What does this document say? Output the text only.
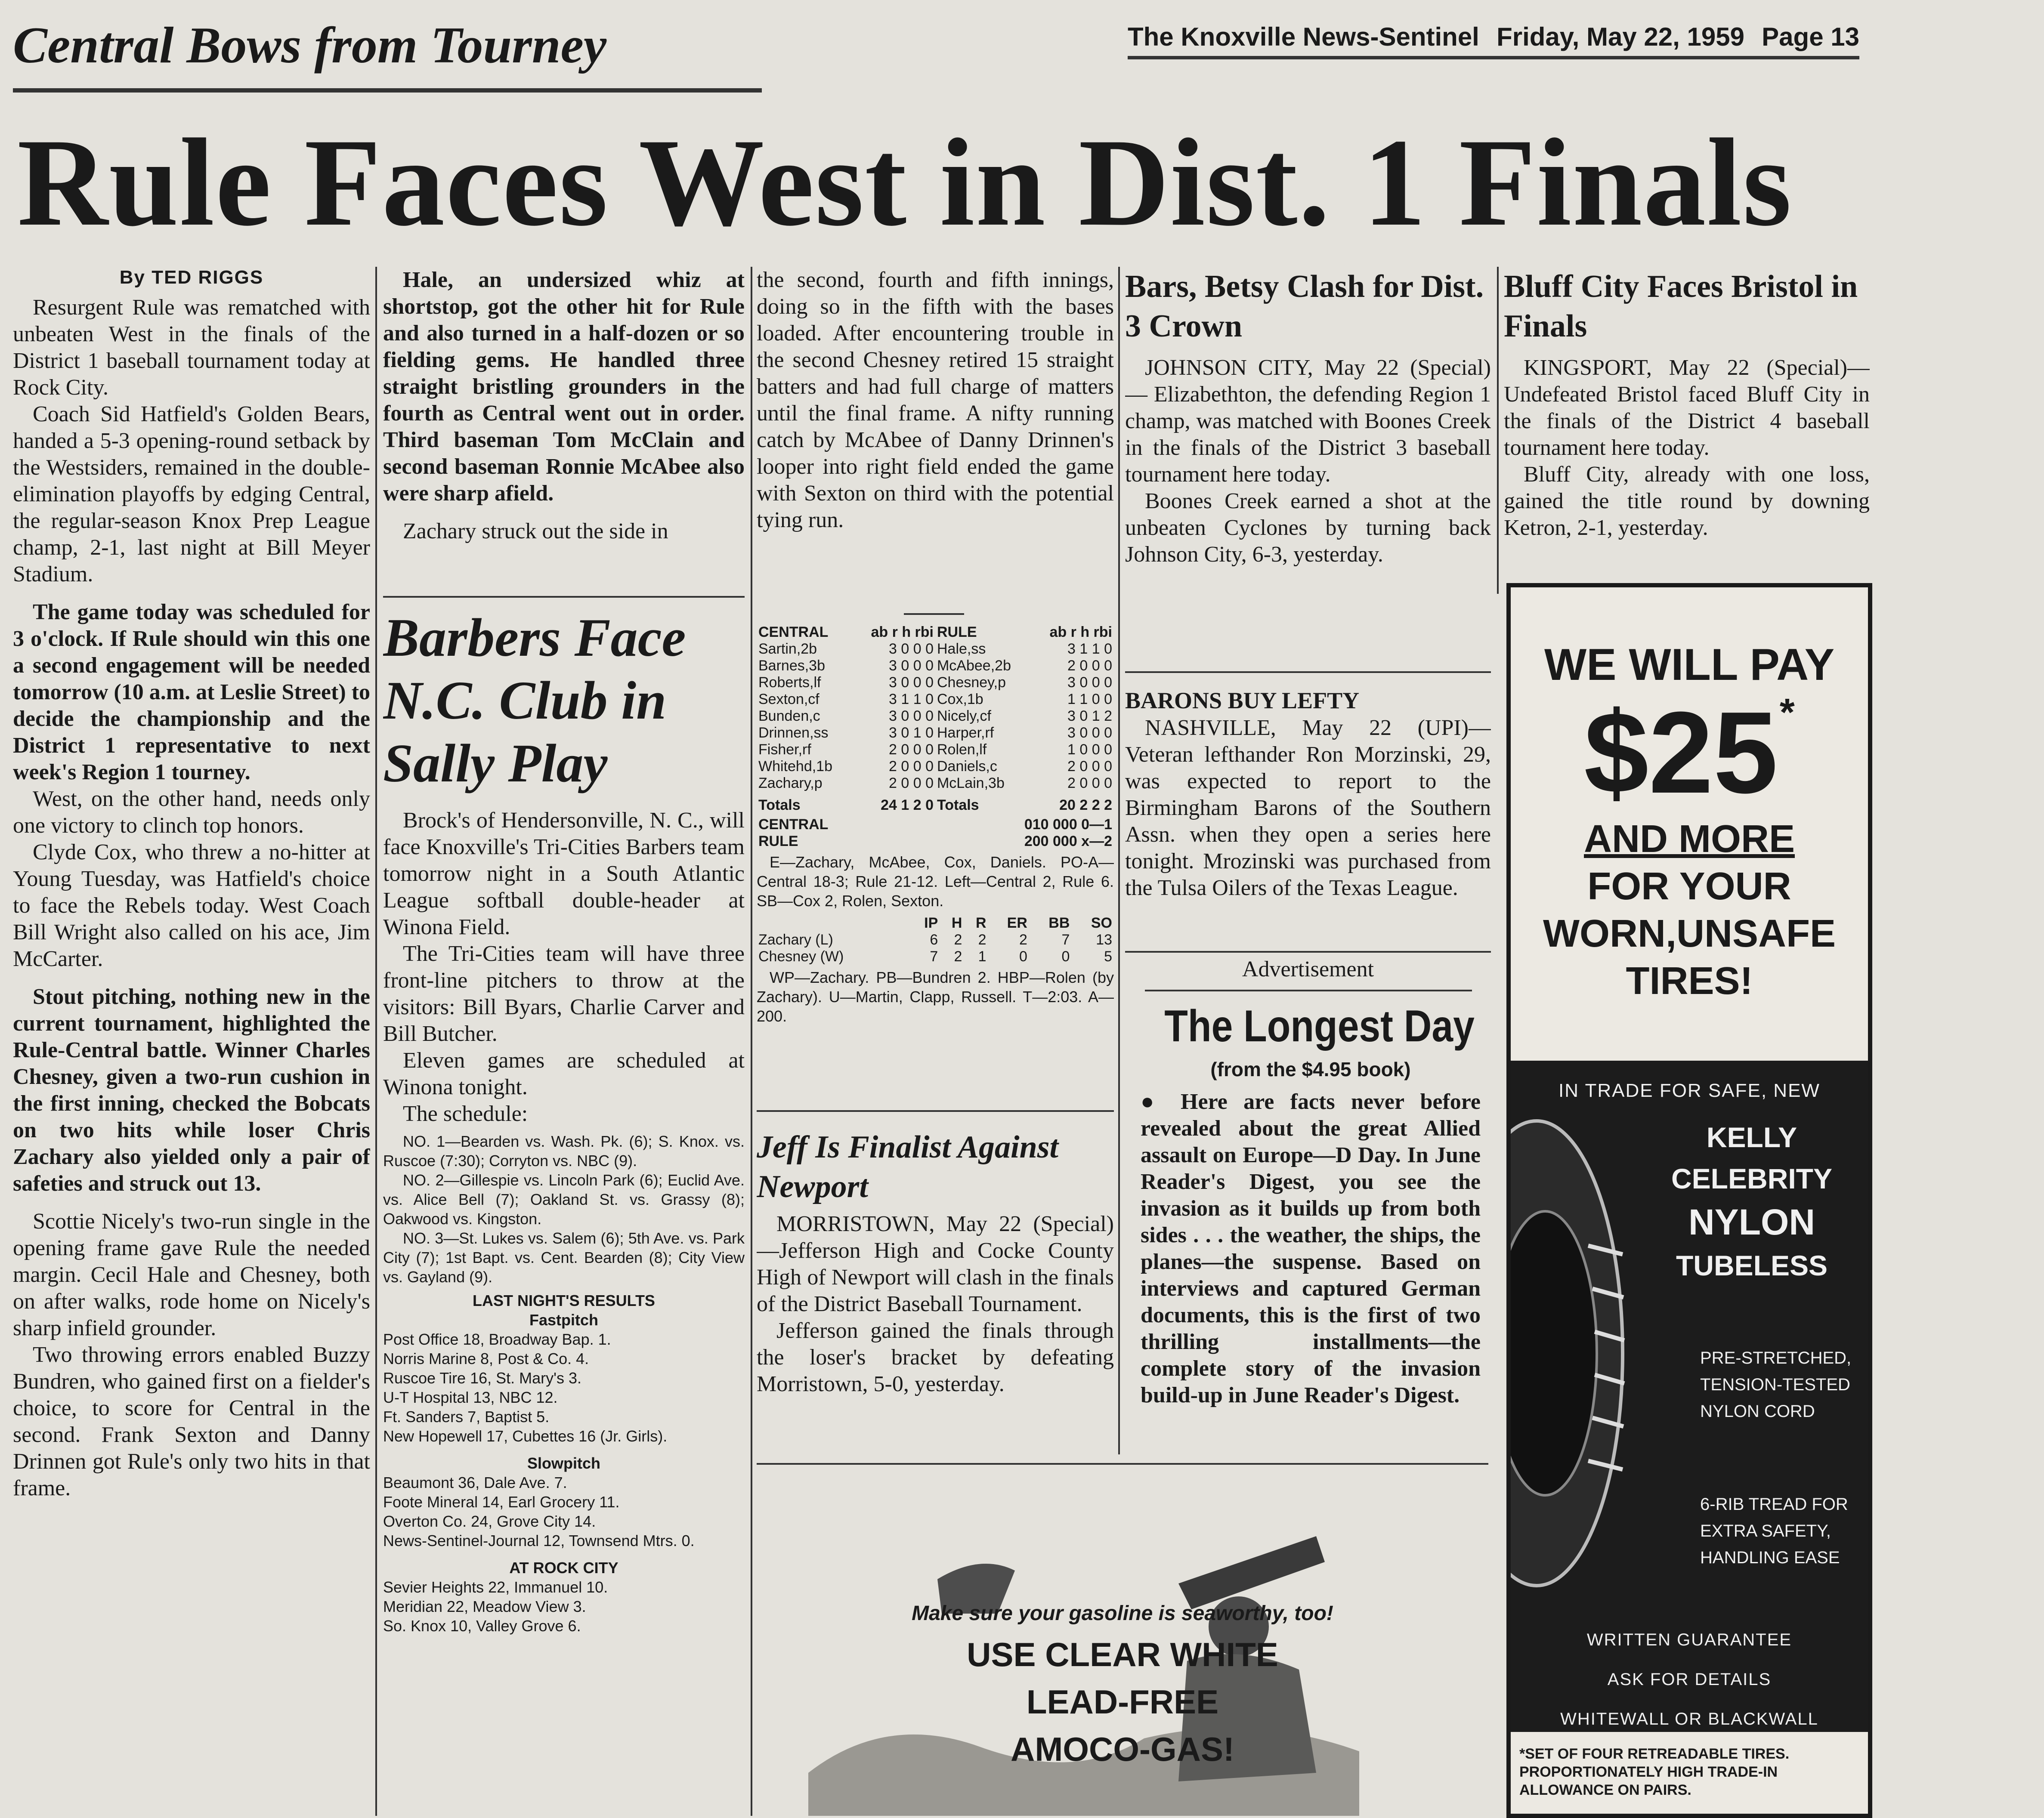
Central Bows from Tourney	The Knoxville News-Sentinel Friday, May 22, 1959 Page 13
Rule Faces West in Dist. 1 Finals
By TED RIGGS

Resurgent Rule was rematched with unbeaten West in the finals of the District 1 baseball tournament today at Rock City.

Coach Sid Hatfield's Golden Bears, handed a 5-3 opening-round setback by the Westsiders, remained in the double-elimination playoffs by edging Central, the regular-season Knox Prep League champ, 2-1, last night at Bill Meyer Stadium.

The game today was scheduled for 3 o'clock. If Rule should win this one a second engagement will be needed tomorrow (10 a.m. at Leslie Street) to decide the championship and the District 1 representative to next week's Region 1 tourney.

West, on the other hand, needs only one victory to clinch top honors.

Clyde Cox, who threw a no-hitter at Young Tuesday, was Hatfield's choice to face the Rebels today. West Coach Bill Wright also called on his ace, Jim McCarter.

Stout pitching, nothing new in the current tournament, highlighted the Rule-Central battle. Winner Charles Chesney, given a two-run cushion in the first inning, checked the Bobcats on two hits while loser Chris Zachary also yielded only a pair of safeties and struck out 13.

Scottie Nicely's two-run single in the opening frame gave Rule the needed margin. Cecil Hale and Chesney, both on after walks, rode home on Nicely's sharp infield grounder.

Two throwing errors enabled Buzzy Bundren, who gained first on a fielder's choice, to score for Central in the second. Frank Sexton and Danny Drinnen got Rule's only two hits in that frame.

Hale, an undersized whiz at shortstop, got the other hit for Rule and also turned in a half-dozen or so fielding gems. He handled three straight bristling grounders in the fourth as Central went out in order. Third baseman Tom McClain and second baseman Ronnie McAbee also were sharp afield.

Zachary struck out the side in

Barbers Face N.C. Club in Sally Play

Brock's of Hendersonville, N. C., will face Knoxville's Tri-Cities Barbers team tomorrow night in a South Atlantic League softball double-header at Winona Field.

The Tri-Cities team will have three front-line pitchers to throw at the visitors: Bill Byars, Charlie Carver and Bill Butcher.

Eleven games are scheduled at Winona tonight.

The schedule:

NO. 1—Bearden vs. Wash. Pk. (6); S. Knox. vs. Ruscoe (7:30); Corryton vs. NBC (9).

NO. 2—Gillespie vs. Lincoln Park (6); Euclid Ave. vs. Alice Bell (7); Oakland St. vs. Grassy (8); Oakwood vs. Kingston.

NO. 3—St. Lukes vs. Salem (6); 5th Ave. vs. Park City (7); 1st Bapt. vs. Cent. Bearden (8); City View vs. Gayland (9).

LAST NIGHT'S RESULTS
Fastpitch
Post Office 18, Broadway Bap. 1.
Norris Marine 8, Post & Co. 4.
Ruscoe Tire 16, St. Mary's 3.
U-T Hospital 13, NBC 12.
Ft. Sanders 7, Baptist 5.
New Hopewell 17, Cubettes 16 (Jr. Girls).
Slowpitch
Beaumont 36, Dale Ave. 7.
Foote Mineral 14, Earl Grocery 11.
Overton Co. 24, Grove City 14.
News-Sentinel-Journal 12, Townsend Mtrs. 0.
AT ROCK CITY
Sevier Heights 22, Immanuel 10.
Meridian 22, Meadow View 3.
So. Knox 10, Valley Grove 6.

the second, fourth and fifth innings, doing so in the fifth with the bases loaded. After encountering trouble in the second Chesney retired 15 straight batters and had full charge of matters until the final frame. A nifty running catch by McAbee of Danny Drinnen's looper into right field ended the game with Sexton on third with the potential tying run.

CENTRAL	ab r h rbi	RULE	ab r h rbi
Sartin,2b	3 0 0 0	Hale,ss	3 1 1 0
Barnes,3b	3 0 0 0	McAbee,2b	2 0 0 0
Roberts,lf	3 0 0 0	Chesney,p	3 0 0 0
Sexton,cf	3 1 1 0	Cox,1b	1 1 0 0
Bunden,c	3 0 0 0	Nicely,cf	3 0 1 2
Drinnen,ss	3 0 1 0	Harper,rf	3 0 0 0
Fisher,rf	2 0 0 0	Rolen,lf	1 0 0 0
Whitehd,1b	2 0 0 0	Daniels,c	2 0 0 0
Zachary,p	2 0 0 0	McLain,3b	2 0 0 0
Totals	24 1 2 0	Totals	20 2 2 2
CENTRAL	010 000 0—1
RULE	200 000 x—2

E—Zachary, McAbee, Cox, Daniels. PO-A—Central 18-3; Rule 21-12. Left—Central 2, Rule 6. SB—Cox 2, Rolen, Sexton.

	IP	H	R	ER	BB	SO
Zachary (L)	6	2	2	2	7	13
Chesney (W)	7	2	1	0	0	5

WP—Zachary. PB—Bundren 2. HBP—Rolen (by Zachary). U—Martin, Clapp, Russell. T—2:03. A—200.

Jeff Is Finalist Against Newport

MORRISTOWN, May 22 (Special)—Jefferson High and Cocke County High of Newport will clash in the finals of the District Baseball Tournament.

Jefferson gained the finals through the loser's bracket by defeating Morristown, 5-0, yesterday.

Bars, Betsy Clash for Dist. 3 Crown

JOHNSON CITY, May 22 (Special) — Elizabethton, the defending Region 1 champ, was matched with Boones Creek in the finals of the District 3 baseball tournament here today.

Boones Creek earned a shot at the unbeaten Cyclones by turning back Johnson City, 6-3, yesterday.

BARONS BUY LEFTY

NASHVILLE, May 22 (UPI)—Veteran lefthander Ron Morzinski, 29, was expected to report to the Birmingham Barons of the Southern Assn. when they open a series here tonight. Mrozinski was purchased from the Tulsa Oilers of the Texas League.

Advertisement
The Longest Day
(from the $4.95 book)

● Here are facts never before revealed about the great Allied assault on Europe—D Day. In June Reader's Digest, you see the invasion as it builds up from both sides . . . the weather, the ships, the planes—the suspense. Based on interviews and captured German documents, this is the first of two thrilling installments—the complete story of the invasion build-up in June Reader's Digest.

Bluff City Faces Bristol in Finals

KINGSPORT, May 22 (Special)—Undefeated Bristol faced Bluff City in the finals of the District 4 baseball tournament here today.

Bluff City, already with one loss, gained the title round by downing Ketron, 2-1, yesterday.

WE WILL PAY
$25 *
AND MORE
FOR YOUR
WORN,UNSAFE
TIRES!
IN TRADE FOR SAFE, NEW
KELLY
CELEBRITY
NYLON
TUBELESS
PRE-STRETCHED,
TENSION-TESTED
NYLON CORD
6-RIB TREAD FOR
EXTRA SAFETY,
HANDLING EASE
WRITTEN GUARANTEE
ASK FOR DETAILS
WHITEWALL OR BLACKWALL
*SET OF FOUR RETREADABLE TIRES. PROPORTIONATELY HIGH TRADE-IN ALLOWANCE ON PAIRS.
Make sure your gasoline is seaworthy, too!
USE CLEAR WHITE
LEAD-FREE
AMOCO-GAS!
